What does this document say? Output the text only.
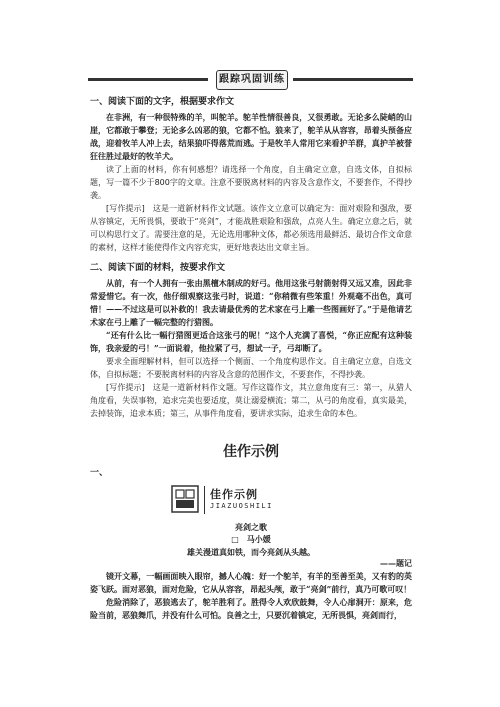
跟踪巩固训练

一、阅读下面的文字，根据要求作文

在非洲，有一种很特殊的羊，叫鸵羊。鸵羊性情很善良，又很勇敢。无论多么陡峭的山崖，它都敢于攀登；无论多么凶恶的狼，它都不怕。狼来了，鸵羊从从容容，昂着头预备应战，迎着牧羊人冲上去，结果狼吓得落荒而逃。于是牧羊人常用它来看护羊群，真护羊被誉狂往胜过最好的牧羊犬。

读了上面的材料，你有何感想？请选择一个角度，自主确定立意，自选文体，自拟标题，写一篇不少于800字的文章。注意不要脱离材料的内容及含意作文，不要套作，不得抄袭。

[写作提示]　这是一道新材料作文试题。该作文立意可以确定为：面对艰险和强敌，要从容镇定，无所畏惧，要敢于“亮剑”，才能战胜艰险和强敌，点亮人生。确定立意之后，就可以构思行文了。需要注意的是，无论选用哪种文体，都必须选用最鲜活、最切合作文命意的素材，这样才能使得作文内容充实，更好地表达出文章主旨。

二、阅读下面的材料，按要求作文

从前，有一个人拥有一张由黑檀木制成的好弓。他用这张弓射箭射得又远又准，因此非常爱惜它。有一次，他仔细观察这张弓时，说道：“你稍微有些笨重！外观毫不出色，真可惜！——不过这是可以补救的！我去请最优秀的艺术家在弓上雕一些图画好了。”于是他请艺术家在弓上雕了一幅完整的行猎图。

“还有什么比一幅行猎图更适合这张弓的呢！”这个人充满了喜悦，“你正应配有这种装饰，我亲爱的弓！”一面说着，他拉紧了弓，想试一子，弓却断了。

要求全面理解材料，但可以选择一个侧面、一个角度构思作文。自主确定立意，自选文体，自拟标题；不要脱离材料的内容及含意的范围作文，不要套作，不得抄袭。

[写作提示]　这是一道新材料作文题。写作这篇作文，其立意角度有三：第一，从猎人角度看，失误事物，追求完美也要适度，莫让溺爱横流；第二，从弓的角度看，真实最美，去掉装饰，追求本质；第三，从事件角度看，要讲求实际，追求生命的本色。

佳作示例

一、

佳作示例
JIAZUOSHILI

亮剑之歌

□　马小媛

雄关漫道真如铁，而今亮剑从头越。

——题记

镜开文幕，一幅画面映入眼帘，撼人心魄：好一个鸵羊，有羊的至善至美，又有豹的英姿飞跃。面对恶狼，面对危险，它从从容容，昂起头颅，敢于“亮剑”前行，真乃可歌可叹！

危险消除了，恶狼逃去了，鸵羊胜利了。胜得令人欢欣鼓舞，令人心扉洞开：原来，危险当前，恶狼舞爪，并没有什么可怕。良善之士，只要沉着镇定，无所畏惧，亮剑而行，
